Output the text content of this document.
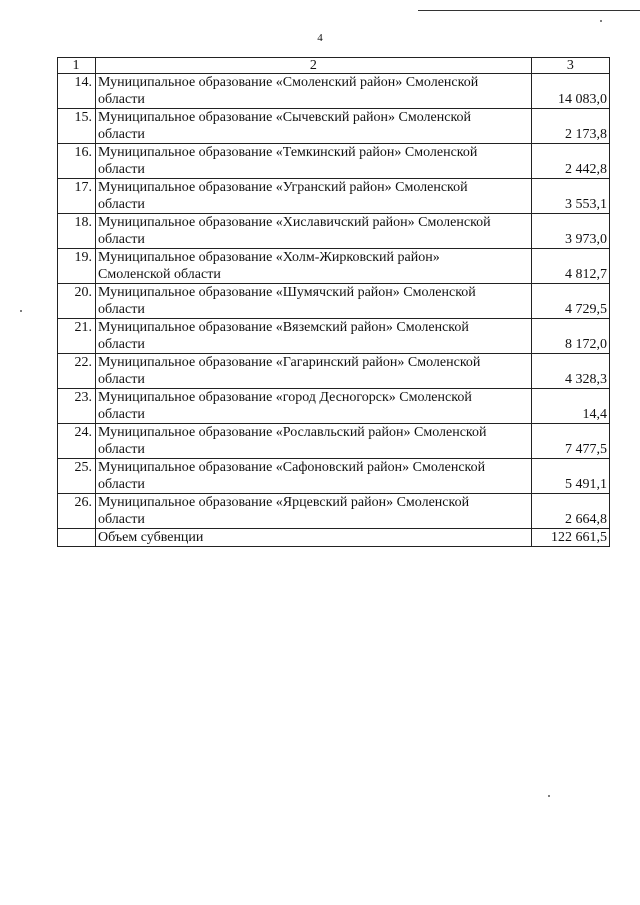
4
1	2	3
14.	Муниципальное образование «Смоленский район» Смоленской области	14 083,0
15.	Муниципальное образование «Сычевский район» Смоленской области	2 173,8
16.	Муниципальное образование «Темкинский район» Смоленской области	2 442,8
17.	Муниципальное образование «Угранский район» Смоленской области	3 553,1
18.	Муниципальное образование «Хиславичский район» Смоленской области	3 973,0
19.	Муниципальное образование «Холм-Жирковский район» Смоленской области	4 812,7
20.	Муниципальное образование «Шумячский район» Смоленской области	4 729,5
21.	Муниципальное образование «Вяземский район» Смоленской области	8 172,0
22.	Муниципальное образование «Гагаринский район» Смоленской области	4 328,3
23.	Муниципальное образование «город Десногорск» Смоленской области	14,4
24.	Муниципальное образование «Рославльский район» Смоленской области	7 477,5
25.	Муниципальное образование «Сафоновский район» Смоленской области	5 491,1
26.	Муниципальное образование «Ярцевский район» Смоленской области	2 664,8
	Объем субвенции	122 661,5
